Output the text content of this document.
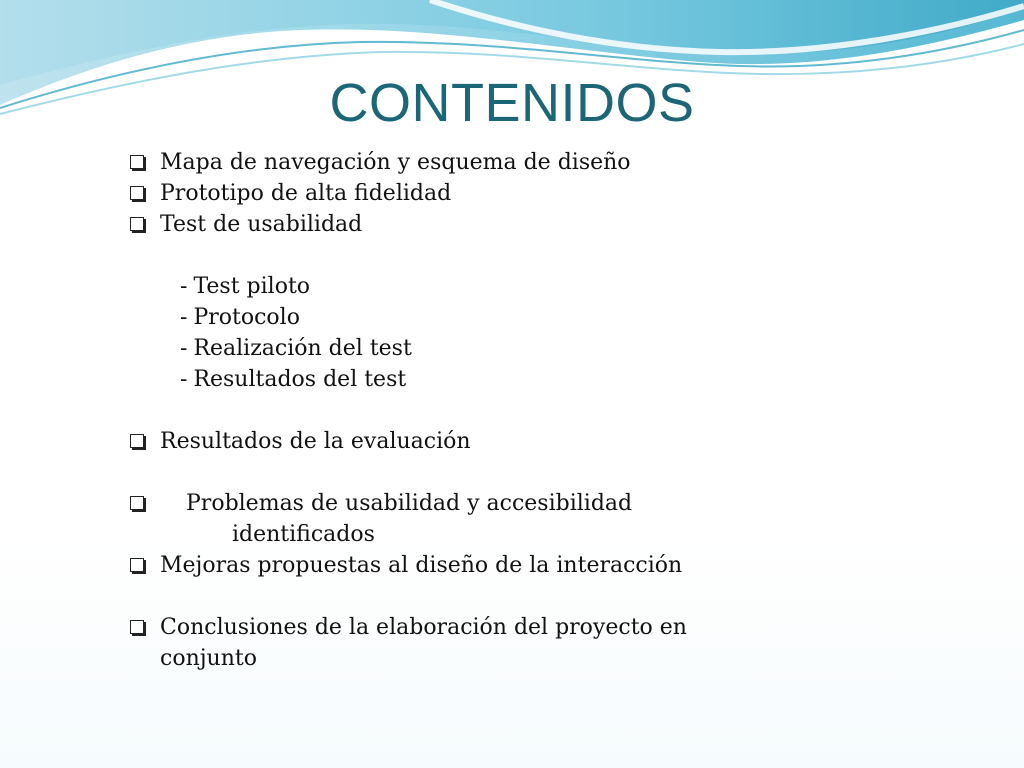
CONTENIDOS
Mapa de navegación y esquema de diseño
Prototipo de alta fidelidad
Test de usabilidad
- Test piloto
- Protocolo
- Realización del test
- Resultados del test
Resultados de la evaluación
Problemas de usabilidad y accesibilidad
identificados
Mejoras propuestas al diseño de la interacción
Conclusiones de la elaboración del proyecto en
conjunto
